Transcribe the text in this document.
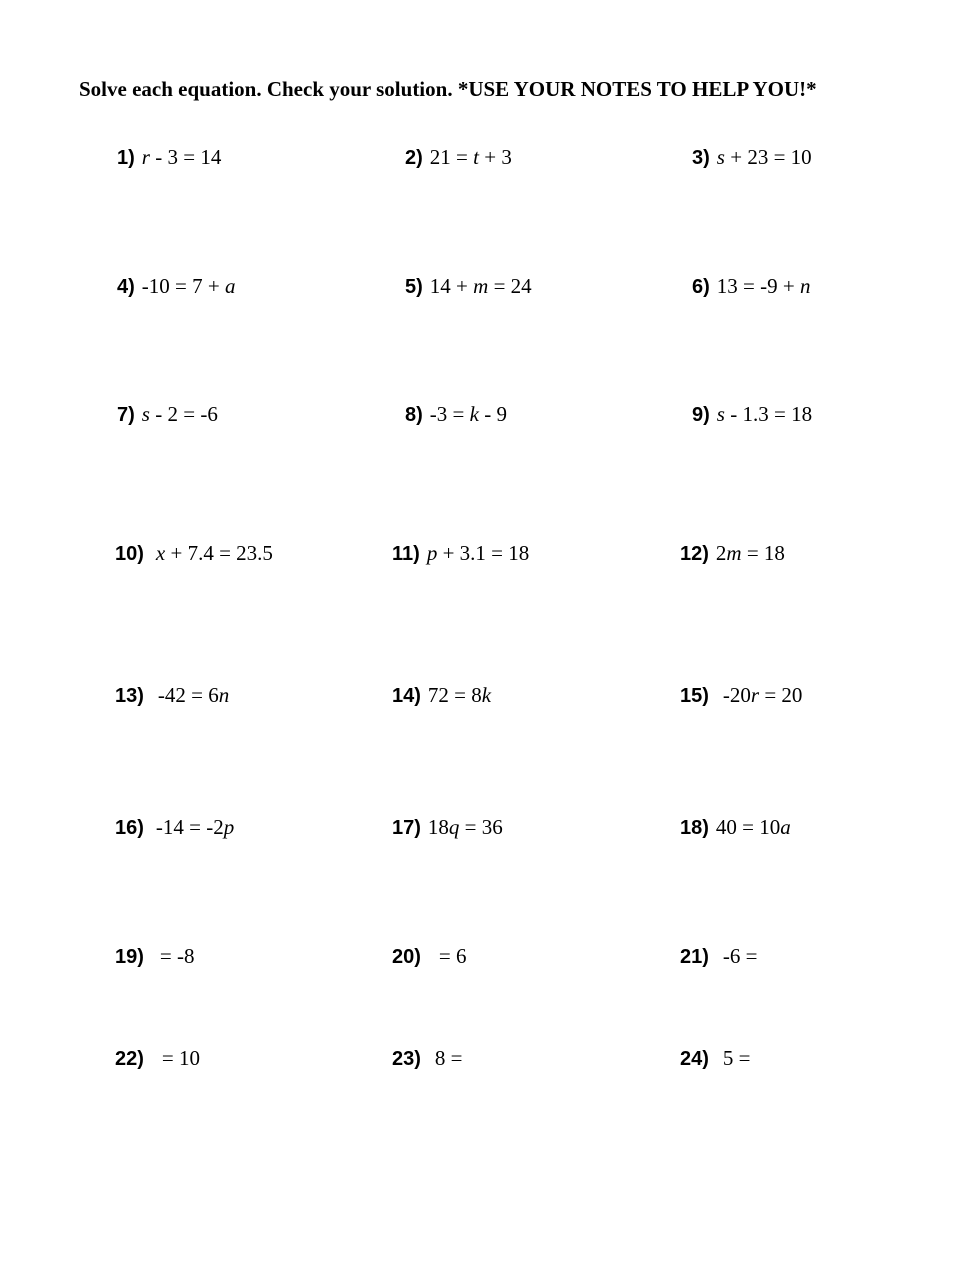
Solve each equation. Check your solution. *USE YOUR NOTES TO HELP YOU!*
1) r - 3 = 14	2) 21 = t + 3	3) s + 23 = 10
4) -10 = 7 + a	5) 14 + m = 24	6) 13 = -9 + n
7) s - 2 = -6	8) -3 = k - 9	9) s - 1.3 = 18
10) x + 7.4 = 23.5	11) p + 3.1 = 18	12) 2m = 18
13) -42 = 6n	14) 72 = 8k	15) -20r = 20
16) -14 = -2p	17) 18q = 36	18) 40 = 10a
19) = -8	20) = 6	21) -6 =
22) = 10	23) 8 =	24) 5 =
